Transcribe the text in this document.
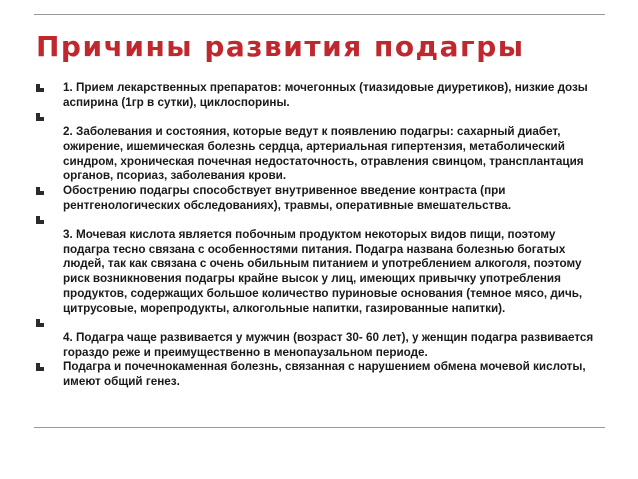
Причины развития подагры
1. Прием лекарственных препаратов: мочегонных (тиазидовые диуретиков), низкие дозы аспирина (1гр в сутки), циклоспорины.
2. Заболевания и состояния, которые ведут к появлению подагры: сахарный диабет, ожирение, ишемическая болезнь сердца, артериальная гипертензия, метаболический синдром, хроническая почечная недостаточность, отравления свинцом, трансплантация органов, псориаз, заболевания крови.
Обострению подагры способствует внутривенное введение контраста (при рентгенологических обследованиях), травмы, оперативные вмешательства.
3. Мочевая кислота является побочным продуктом некоторых видов пищи, поэтому подагра тесно связана с особенностями питания. Подагра названа болезнью богатых людей, так как связана с очень обильным питанием и употреблением алкоголя, поэтому риск возникновения подагры крайне высок у лиц, имеющих привычку употребления продуктов, содержащих большое количество пуриновые основания (темное мясо, дичь, цитрусовые, морепродукты, алкогольные напитки, газированные напитки).
4. Подагра чаще развивается у мужчин (возраст 30- 60 лет), у женщин подагра развивается гораздо реже и преимущественно в менопаузальном периоде.
Подагра и почечнокаменная болезнь, связанная с нарушением обмена мочевой кислоты, имеют общий генез.
